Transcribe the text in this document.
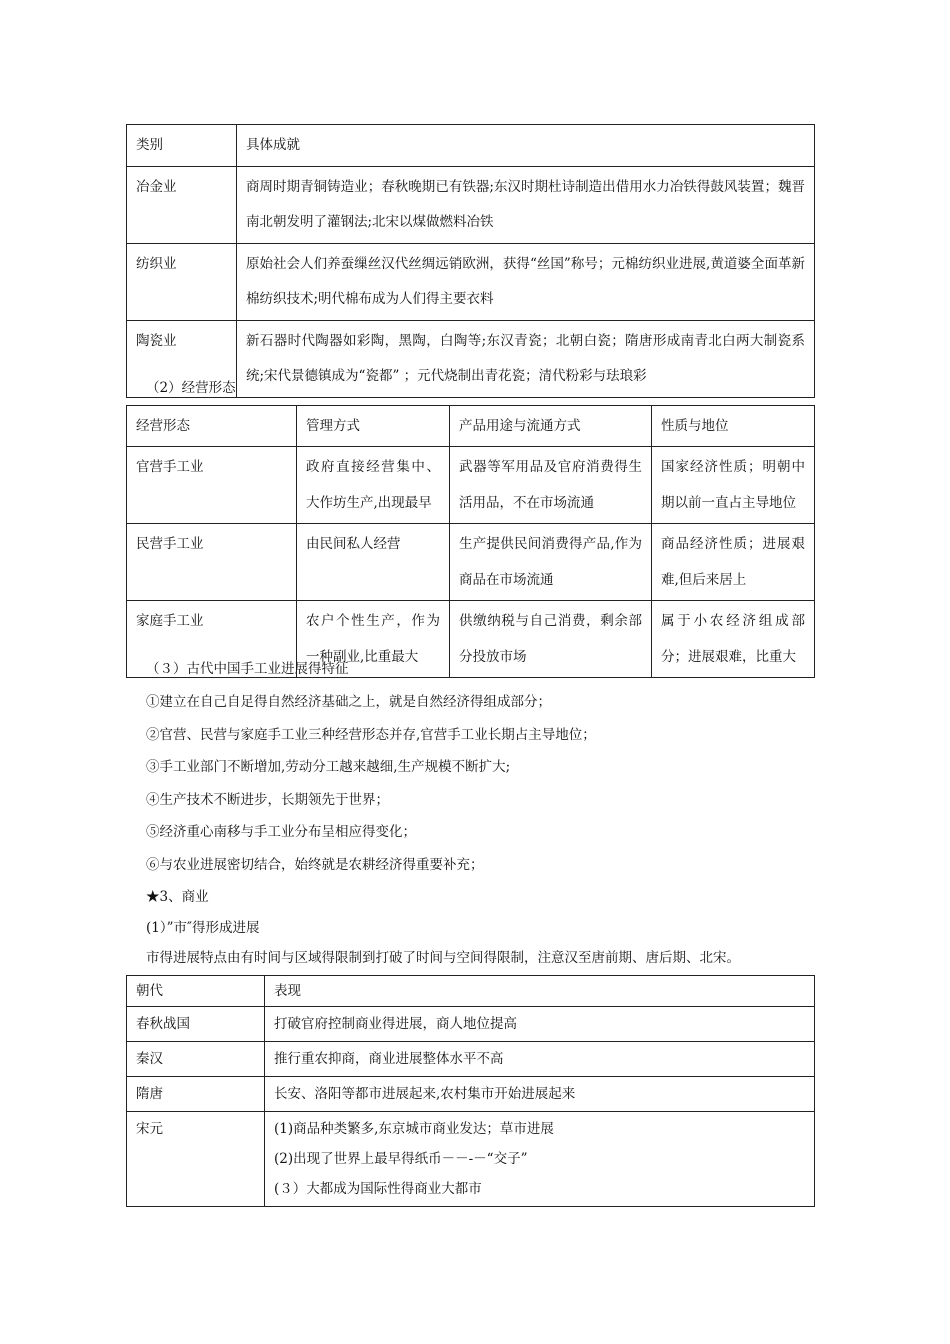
类别	具体成就
冶金业	商周时期青铜铸造业；春秋晚期已有铁器;东汉时期杜诗制造出借用水力冶铁得鼓风装置；魏晋南北朝发明了灌钢法;北宋以煤做燃料冶铁
纺织业	原始社会人们养蚕缫丝汉代丝绸远销欧洲，获得“丝国”称号；元棉纺织业进展,黄道婆全面革新棉纺织技术;明代棉布成为人们得主要衣料
陶瓷业	新石器时代陶器如彩陶，黑陶，白陶等;东汉青瓷；北朝白瓷；隋唐形成南青北白两大制瓷系统;宋代景德镇成为“瓷都” ；元代烧制出青花瓷；清代粉彩与珐琅彩
（2）经营形态
经营形态	管理方式	产品用途与流通方式	性质与地位
官营手工业	政府直接经营集中、大作坊生产,出现最早	武器等军用品及官府消费得生活用品，不在市场流通	国家经济性质；明朝中期以前一直占主导地位
民营手工业	由民间私人经营	生产提供民间消费得产品,作为商品在市场流通	商品经济性质；进展艰难,但后来居上
家庭手工业	农户个性生产，作为一种副业,比重最大	供缴纳税与自己消费，剩余部分投放市场	属于小农经济组成部分；进展艰难，比重大
（３）古代中国手工业进展得特征
①建立在自己自足得自然经济基础之上，就是自然经济得组成部分；
②官营、民营与家庭手工业三种经营形态并存,官营手工业长期占主导地位；
③手工业部门不断增加,劳动分工越来越细,生产规模不断扩大;
④生产技术不断进步，长期领先于世界；
⑤经济重心南移与手工业分布呈相应得变化；
⑥与农业进展密切结合，始终就是农耕经济得重要补充；
★3、商业
(1）”市″得形成进展
市得进展特点由有时间与区域得限制到打破了时间与空间得限制，注意汉至唐前期、唐后期、北宋。
朝代	表现
春秋战国	打破官府控制商业得进展，商人地位提高
秦汉	推行重农抑商，商业进展整体水平不高
隋唐	长安、洛阳等都市进展起来,农村集市开始进展起来
宋元	(1)商品种类繁多,东京城市商业发达；草市进展
(2)出现了世界上最早得纸币－－-－“交子”
(３）大都成为国际性得商业大都市
